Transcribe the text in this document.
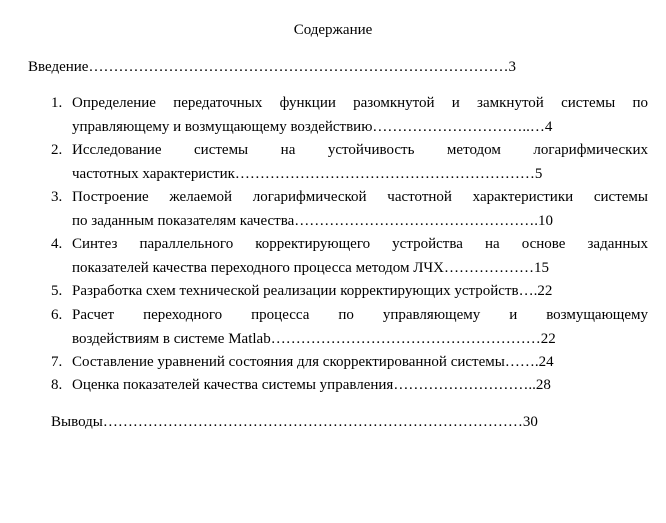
Содержание
Введение…………………………………………………………………………3
1. Определение передаточных функции разомкнутой и замкнутой системы по
управляющему и возмущающему воздействию…………………………..…4
2. Исследование системы на устойчивость методом логарифмических
частотных характеристик……………………………………………………5
3. Построение желаемой логарифмической частотной характеристики системы
по заданным показателям качества………………………………………….10
4. Синтез параллельного корректирующего устройства на основе заданных
показателей качества переходного процесса методом ЛЧХ………………15
5. Разработка схем технической реализации корректирующих устройств….22
6. Расчет переходного процесса по управляющему и возмущающему
воздействиям в системе Matlab………………………………………………22
7. Составление уравнений состояния для скорректированной системы…….24
8. Оценка показателей качества системы управления………………………..28
Выводы…………………………………………………………………………30
